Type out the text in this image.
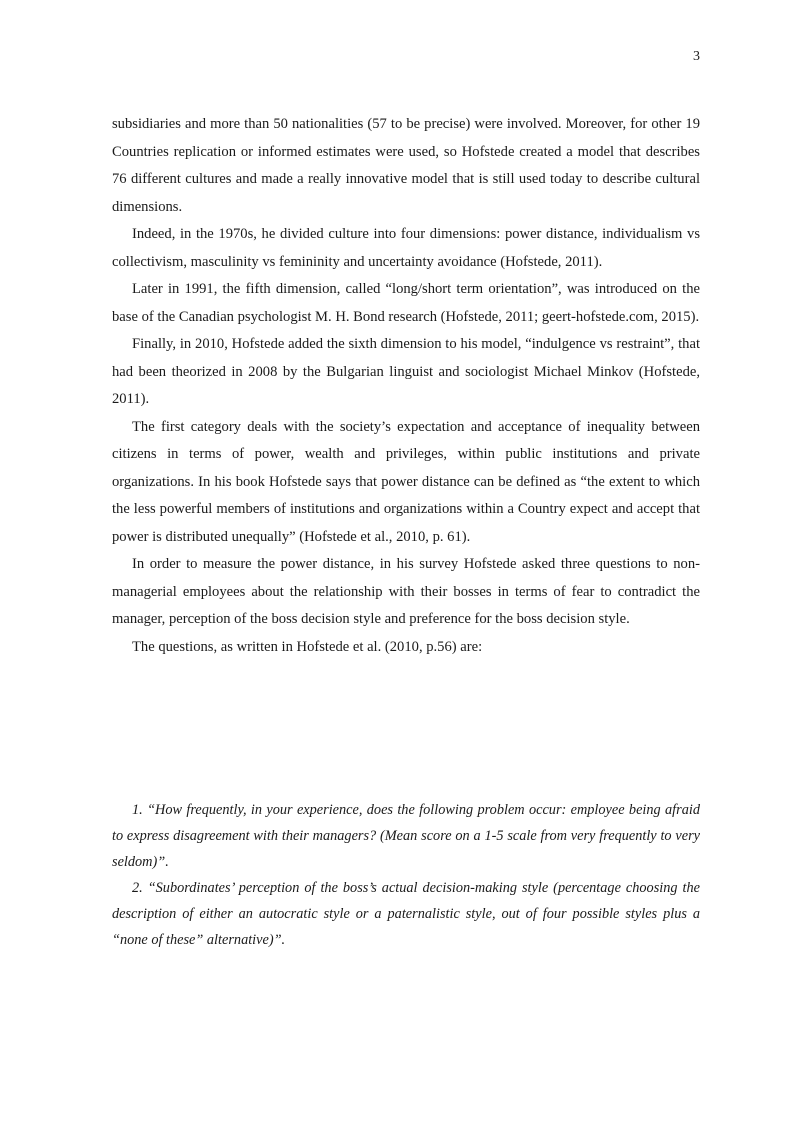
3

subsidiaries and more than 50 nationalities (57 to be precise) were involved. Moreover, for other 19 Countries replication or informed estimates were used, so Hofstede created a model that describes 76 different cultures and made a really innovative model that is still used today to describe cultural dimensions.

Indeed, in the 1970s, he divided culture into four dimensions: power distance, individualism vs collectivism, masculinity vs femininity and uncertainty avoidance (Hofstede, 2011).

Later in 1991, the fifth dimension, called “long/short term orientation”, was introduced on the base of the Canadian psychologist M. H. Bond research (Hofstede, 2011; geert-hofstede.com, 2015).

Finally, in 2010, Hofstede added the sixth dimension to his model, “indulgence vs restraint”, that had been theorized in 2008 by the Bulgarian linguist and sociologist Michael Minkov (Hofstede, 2011).

The first category deals with the society’s expectation and acceptance of inequality between citizens in terms of power, wealth and privileges, within public institutions and private organizations. In his book Hofstede says that power distance can be defined as “the extent to which the less powerful members of institutions and organizations within a Country expect and accept that power is distributed unequally” (Hofstede et al., 2010, p. 61).

In order to measure the power distance, in his survey Hofstede asked three questions to non-managerial employees about the relationship with their bosses in terms of fear to contradict the manager, perception of the boss decision style and preference for the boss decision style.

The questions, as written in Hofstede et al. (2010, p.56) are:

1. “How frequently, in your experience, does the following problem occur: employee being afraid to express disagreement with their managers? (Mean score on a 1-5 scale from very frequently to very seldom)”.

2. “Subordinates’ perception of the boss’s actual decision-making style (percentage choosing the description of either an autocratic style or a paternalistic style, out of four possible styles plus a “none of these” alternative)”.
